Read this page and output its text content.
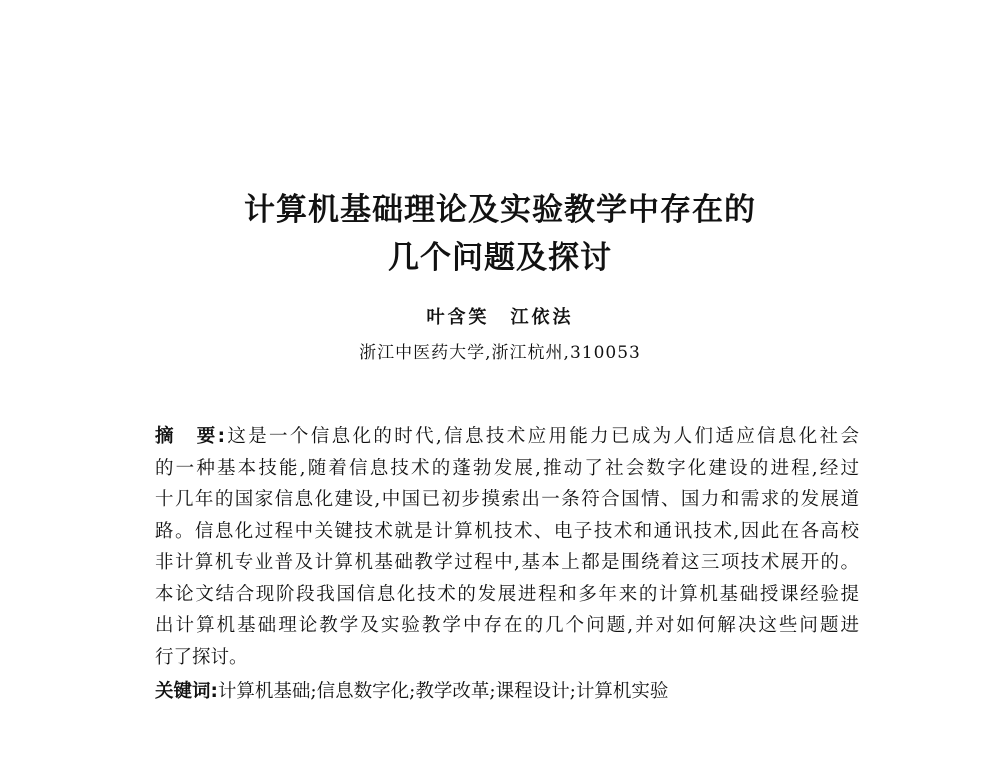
计算机基础理论及实验教学中存在的
几个问题及探讨
叶含笑　江依法
浙江中医药大学,浙江杭州,310053
摘　要:这是一个信息化的时代,信息技术应用能力已成为人们适应信息化社会
的一种基本技能,随着信息技术的蓬勃发展,推动了社会数字化建设的进程,经过
十几年的国家信息化建设,中国已初步摸索出一条符合国情、国力和需求的发展道
路。信息化过程中关键技术就是计算机技术、电子技术和通讯技术,因此在各高校
非计算机专业普及计算机基础教学过程中,基本上都是围绕着这三项技术展开的。
本论文结合现阶段我国信息化技术的发展进程和多年来的计算机基础授课经验提
出计算机基础理论教学及实验教学中存在的几个问题,并对如何解决这些问题进
行了探讨。
关键词:计算机基础;信息数字化;教学改革;课程设计;计算机实验
